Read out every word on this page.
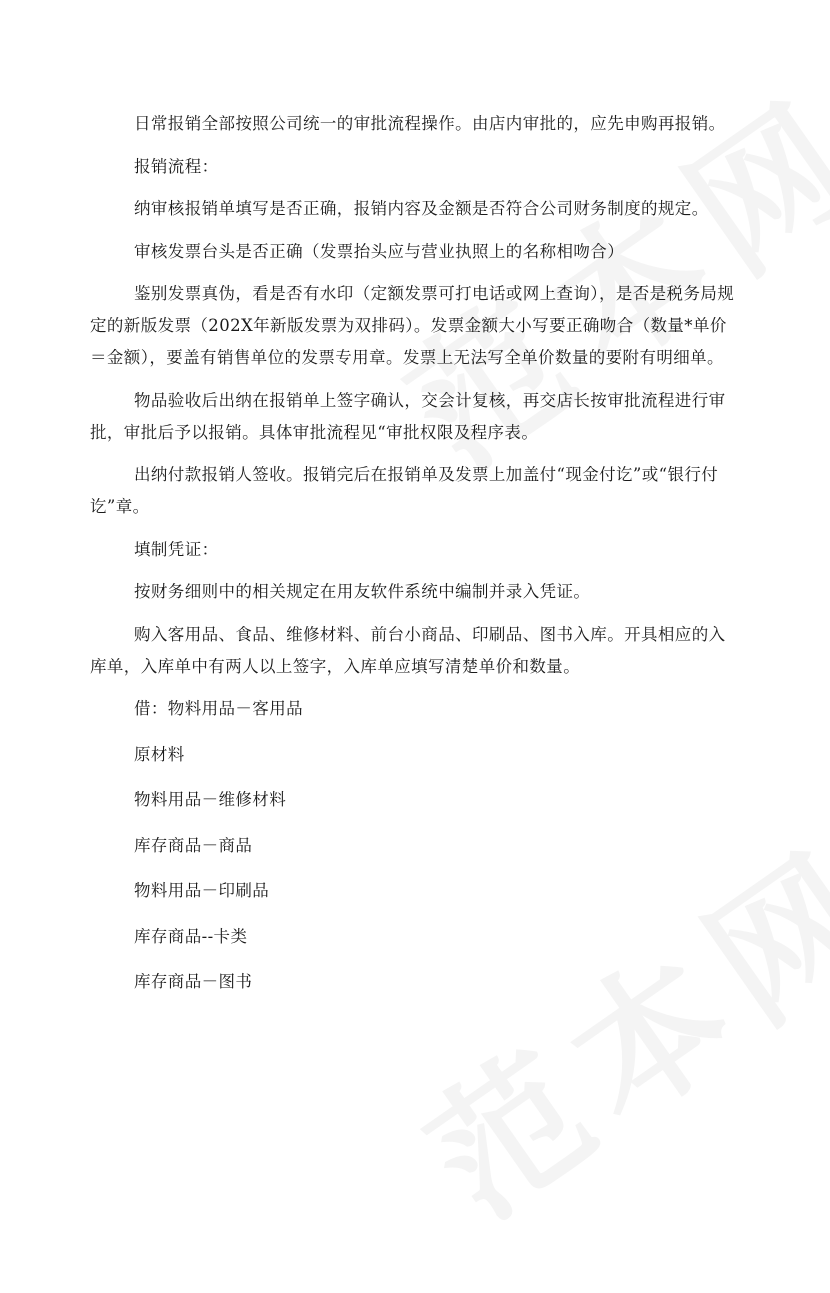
日常报销全部按照公司统一的审批流程操作。由店内审批的，应先申购再报销。

报销流程：

纳审核报销单填写是否正确，报销内容及金额是否符合公司财务制度的规定。

审核发票台头是否正确（发票抬头应与营业执照上的名称相吻合）

鉴别发票真伪，看是否有水印（定额发票可打电话或网上查询），是否是税务局规定的新版发票（202X年新版发票为双排码）。发票金额大小写要正确吻合（数量*单价＝金额），要盖有销售单位的发票专用章。发票上无法写全单价数量的要附有明细单。

物品验收后出纳在报销单上签字确认，交会计复核，再交店长按审批流程进行审批，审批后予以报销。具体审批流程见“审批权限及程序表。

出纳付款报销人签收。报销完后在报销单及发票上加盖付“现金付讫”或“银行付讫”章。

填制凭证：

按财务细则中的相关规定在用友软件系统中编制并录入凭证。

购入客用品、食品、维修材料、前台小商品、印刷品、图书入库。开具相应的入库单，入库单中有两人以上签字，入库单应填写清楚单价和数量。

借：物料用品－客用品

原材料

物料用品－维修材料

库存商品－商品

物料用品－印刷品

库存商品--卡类

库存商品－图书
